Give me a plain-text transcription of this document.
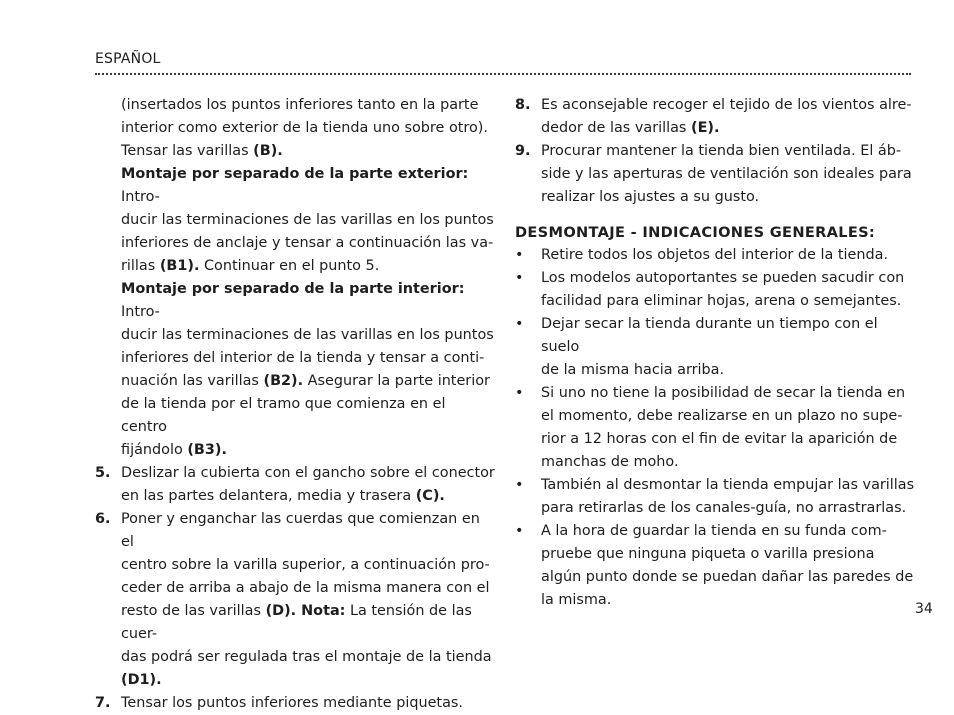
ESPAÑOL
(insertados los puntos inferiores tanto en la parte
interior como exterior de la tienda uno sobre otro).
Tensar las varillas (B).
Montaje por separado de la parte exterior: Intro-
ducir las terminaciones de las varillas en los puntos
inferiores de anclaje y tensar a continuación las va-
rillas (B1). Continuar en el punto 5.
Montaje por separado de la parte interior: Intro-
ducir las terminaciones de las varillas en los puntos
inferiores del interior de la tienda y tensar a conti-
nuación las varillas (B2). Asegurar la parte interior
de la tienda por el tramo que comienza en el centro
fijándolo (B3).
5. Deslizar la cubierta con el gancho sobre el conector
en las partes delantera, media y trasera (C).
6. Poner y enganchar las cuerdas que comienzan en el
centro sobre la varilla superior, a continuación pro-
ceder de arriba a abajo de la misma manera con el
resto de las varillas (D). Nota: La tensión de las cuer-
das podrá ser regulada tras el montaje de la tienda
(D1).
7. Tensar los puntos inferiores mediante piquetas.
8. Es aconsejable recoger el tejido de los vientos alre-
dedor de las varillas (E).
9. Procurar mantener la tienda bien ventilada. El áb-
side y las aperturas de ventilación son ideales para
realizar los ajustes a su gusto.
DESMONTAJE - INDICACIONES GENERALES:
•	Retire todos los objetos del interior de la tienda.
•	Los modelos autoportantes se pueden sacudir con
facilidad para eliminar hojas, arena o semejantes.
•	Dejar secar la tienda durante un tiempo con el suelo
de la misma hacia arriba.
•	Si uno no tiene la posibilidad de secar la tienda en
el momento, debe realizarse en un plazo no supe-
rior a 12 horas con el fin de evitar la aparición de
manchas de moho.
•	También al desmontar la tienda empujar las varillas
para retirarlas de los canales-guía, no arrastrarlas.
•	A la hora de guardar la tienda en su funda com-
pruebe que ninguna piqueta o varilla presiona
algún punto donde se puedan dañar las paredes de
la misma.
34
